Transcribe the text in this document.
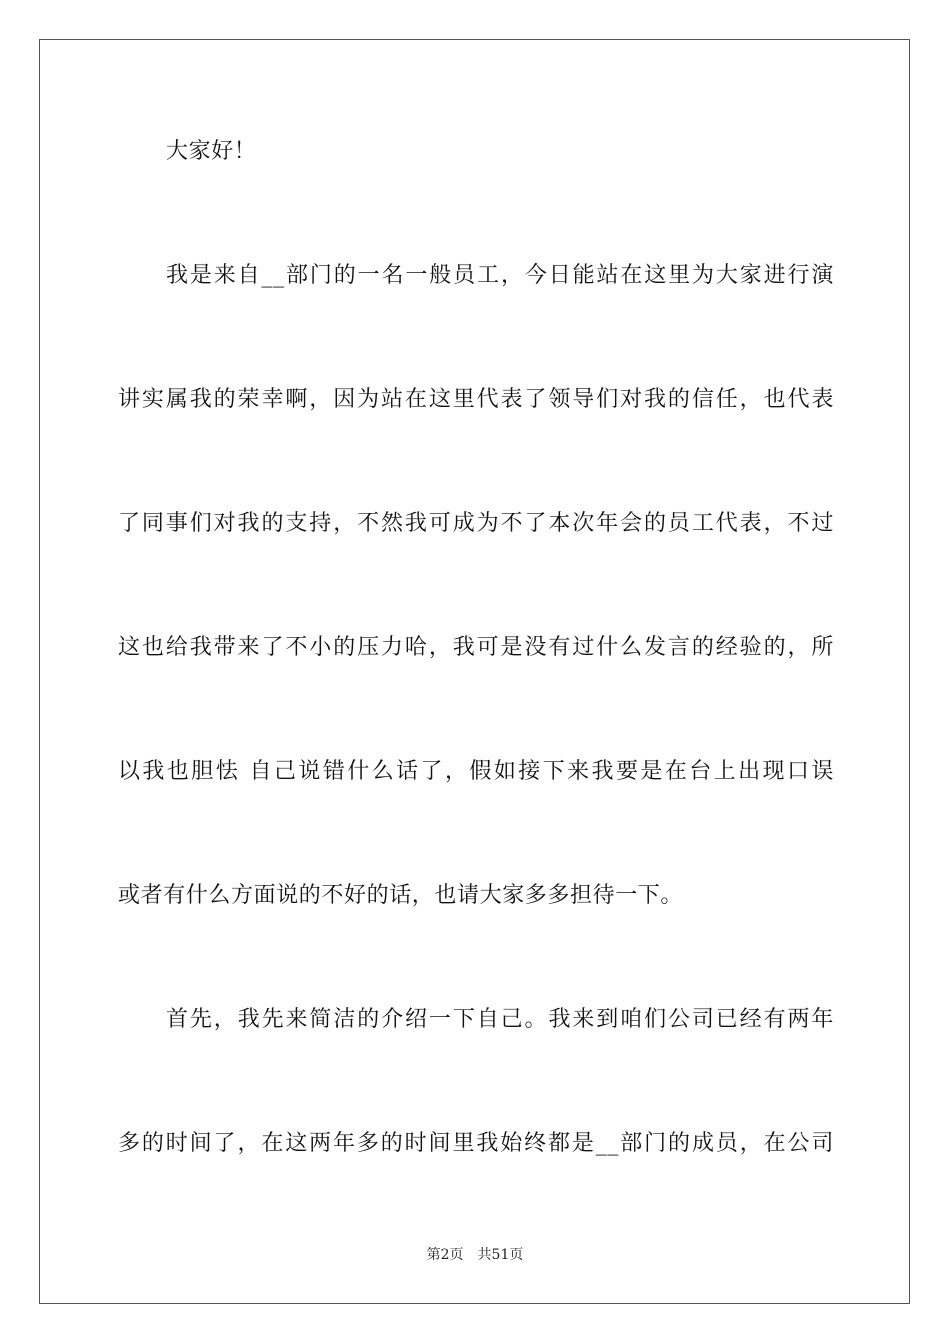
大家好！
我是来自__部门的一名一般员工，今日能站在这里为大家进行演
讲实属我的荣幸啊，因为站在这里代表了领导们对我的信任，也代表
了同事们对我的支持，不然我可成为不了本次年会的员工代表，不过
这也给我带来了不小的压力哈，我可是没有过什么发言的经验的，所
以我也胆怯 自己说错什么话了，假如接下来我要是在台上出现口误
或者有什么方面说的不好的话，也请大家多多担待一下。
首先，我先来简洁的介绍一下自己。我来到咱们公司已经有两年
多的时间了，在这两年多的时间里我始终都是__部门的成员，在公司
第2页 共51页
